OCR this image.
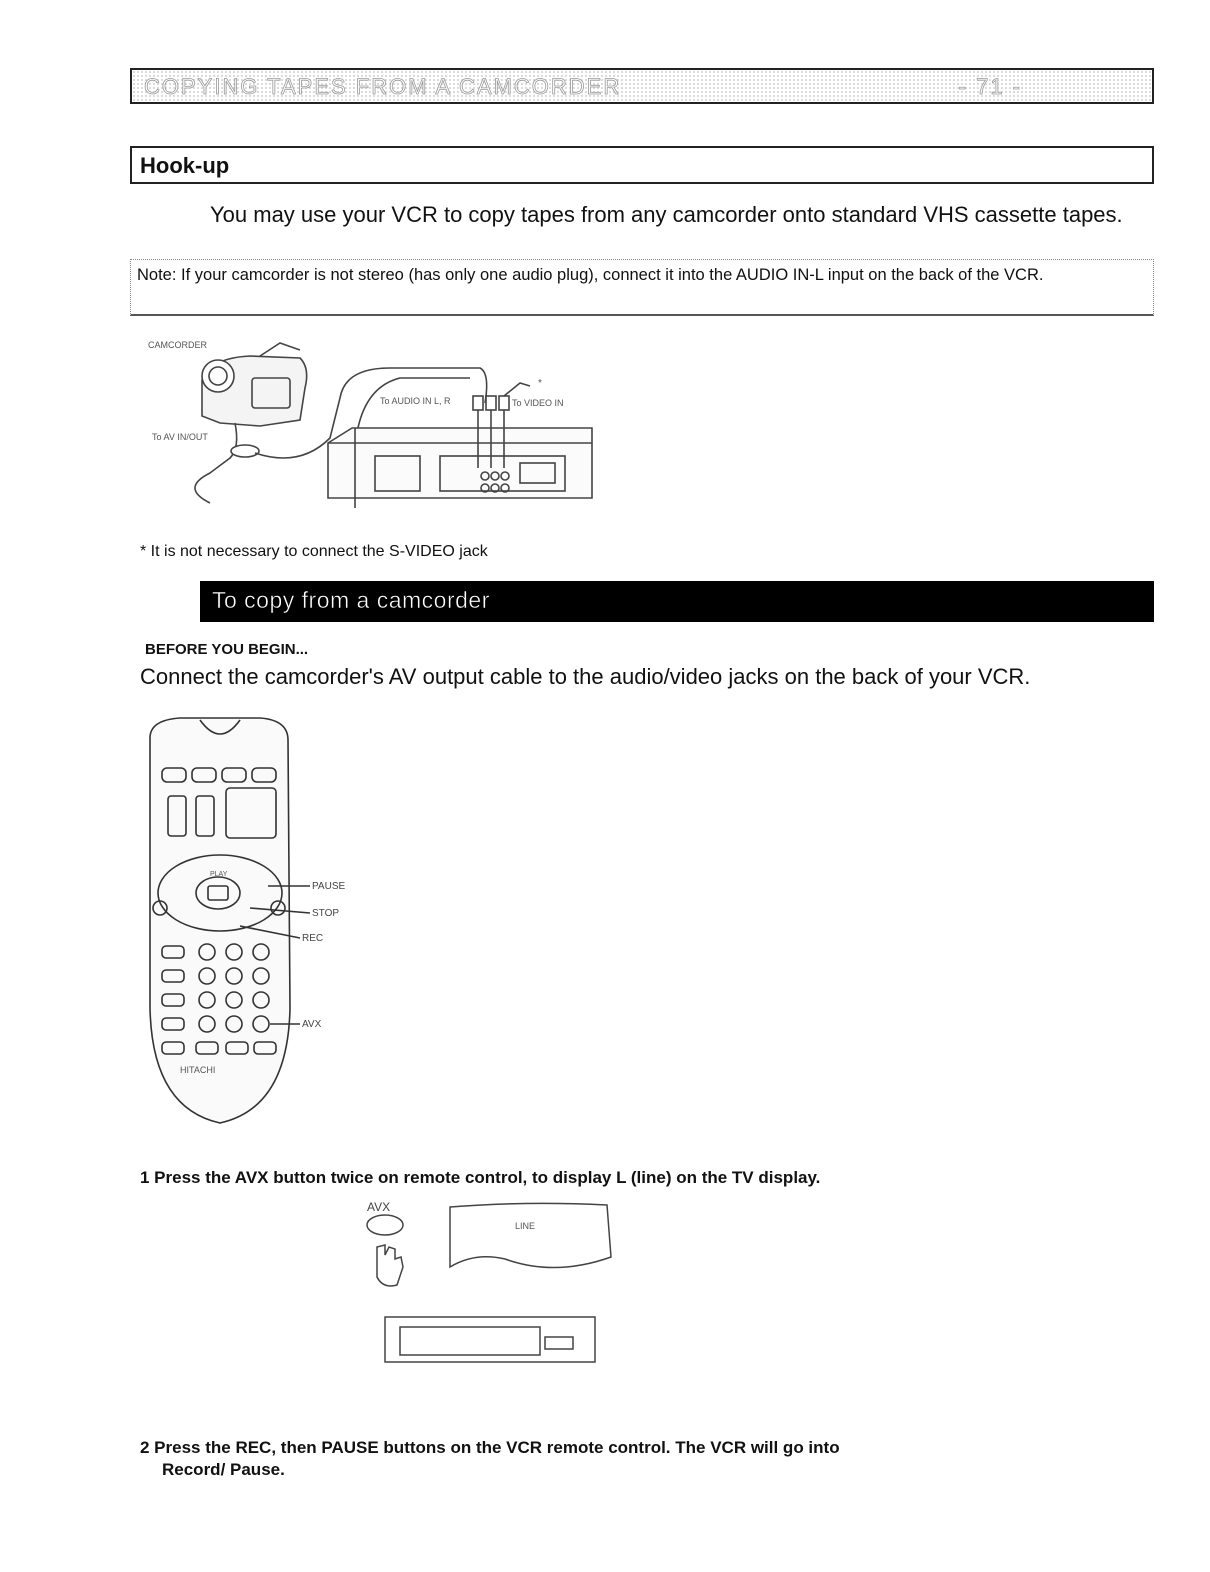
COPYING TAPES FROM A CAMCORDER	- 71 -
Hook-up
You may use your VCR to copy tapes from any camcorder onto standard VHS cassette tapes.
Note: If your camcorder is not stereo (has only one audio plug), connect it into the AUDIO IN-L input on the back of the VCR.
CAMCORDER
To AV IN/OUT
To AUDIO IN L, R	To VIDEO IN
*
* It is not necessary to connect the S-VIDEO jack
To copy from a camcorder
BEFORE YOU BEGIN...
Connect the camcorder's AV output cable to the audio/video jacks on the back of your VCR.
HITACHI
PLAY
PAUSE
STOP
REC
AVX
1 Press the AVX button twice on remote control, to display L (line) on the TV display.
AVX
LINE
2 Press the REC, then PAUSE buttons on the VCR remote control. The VCR will go into
Record/ Pause.
